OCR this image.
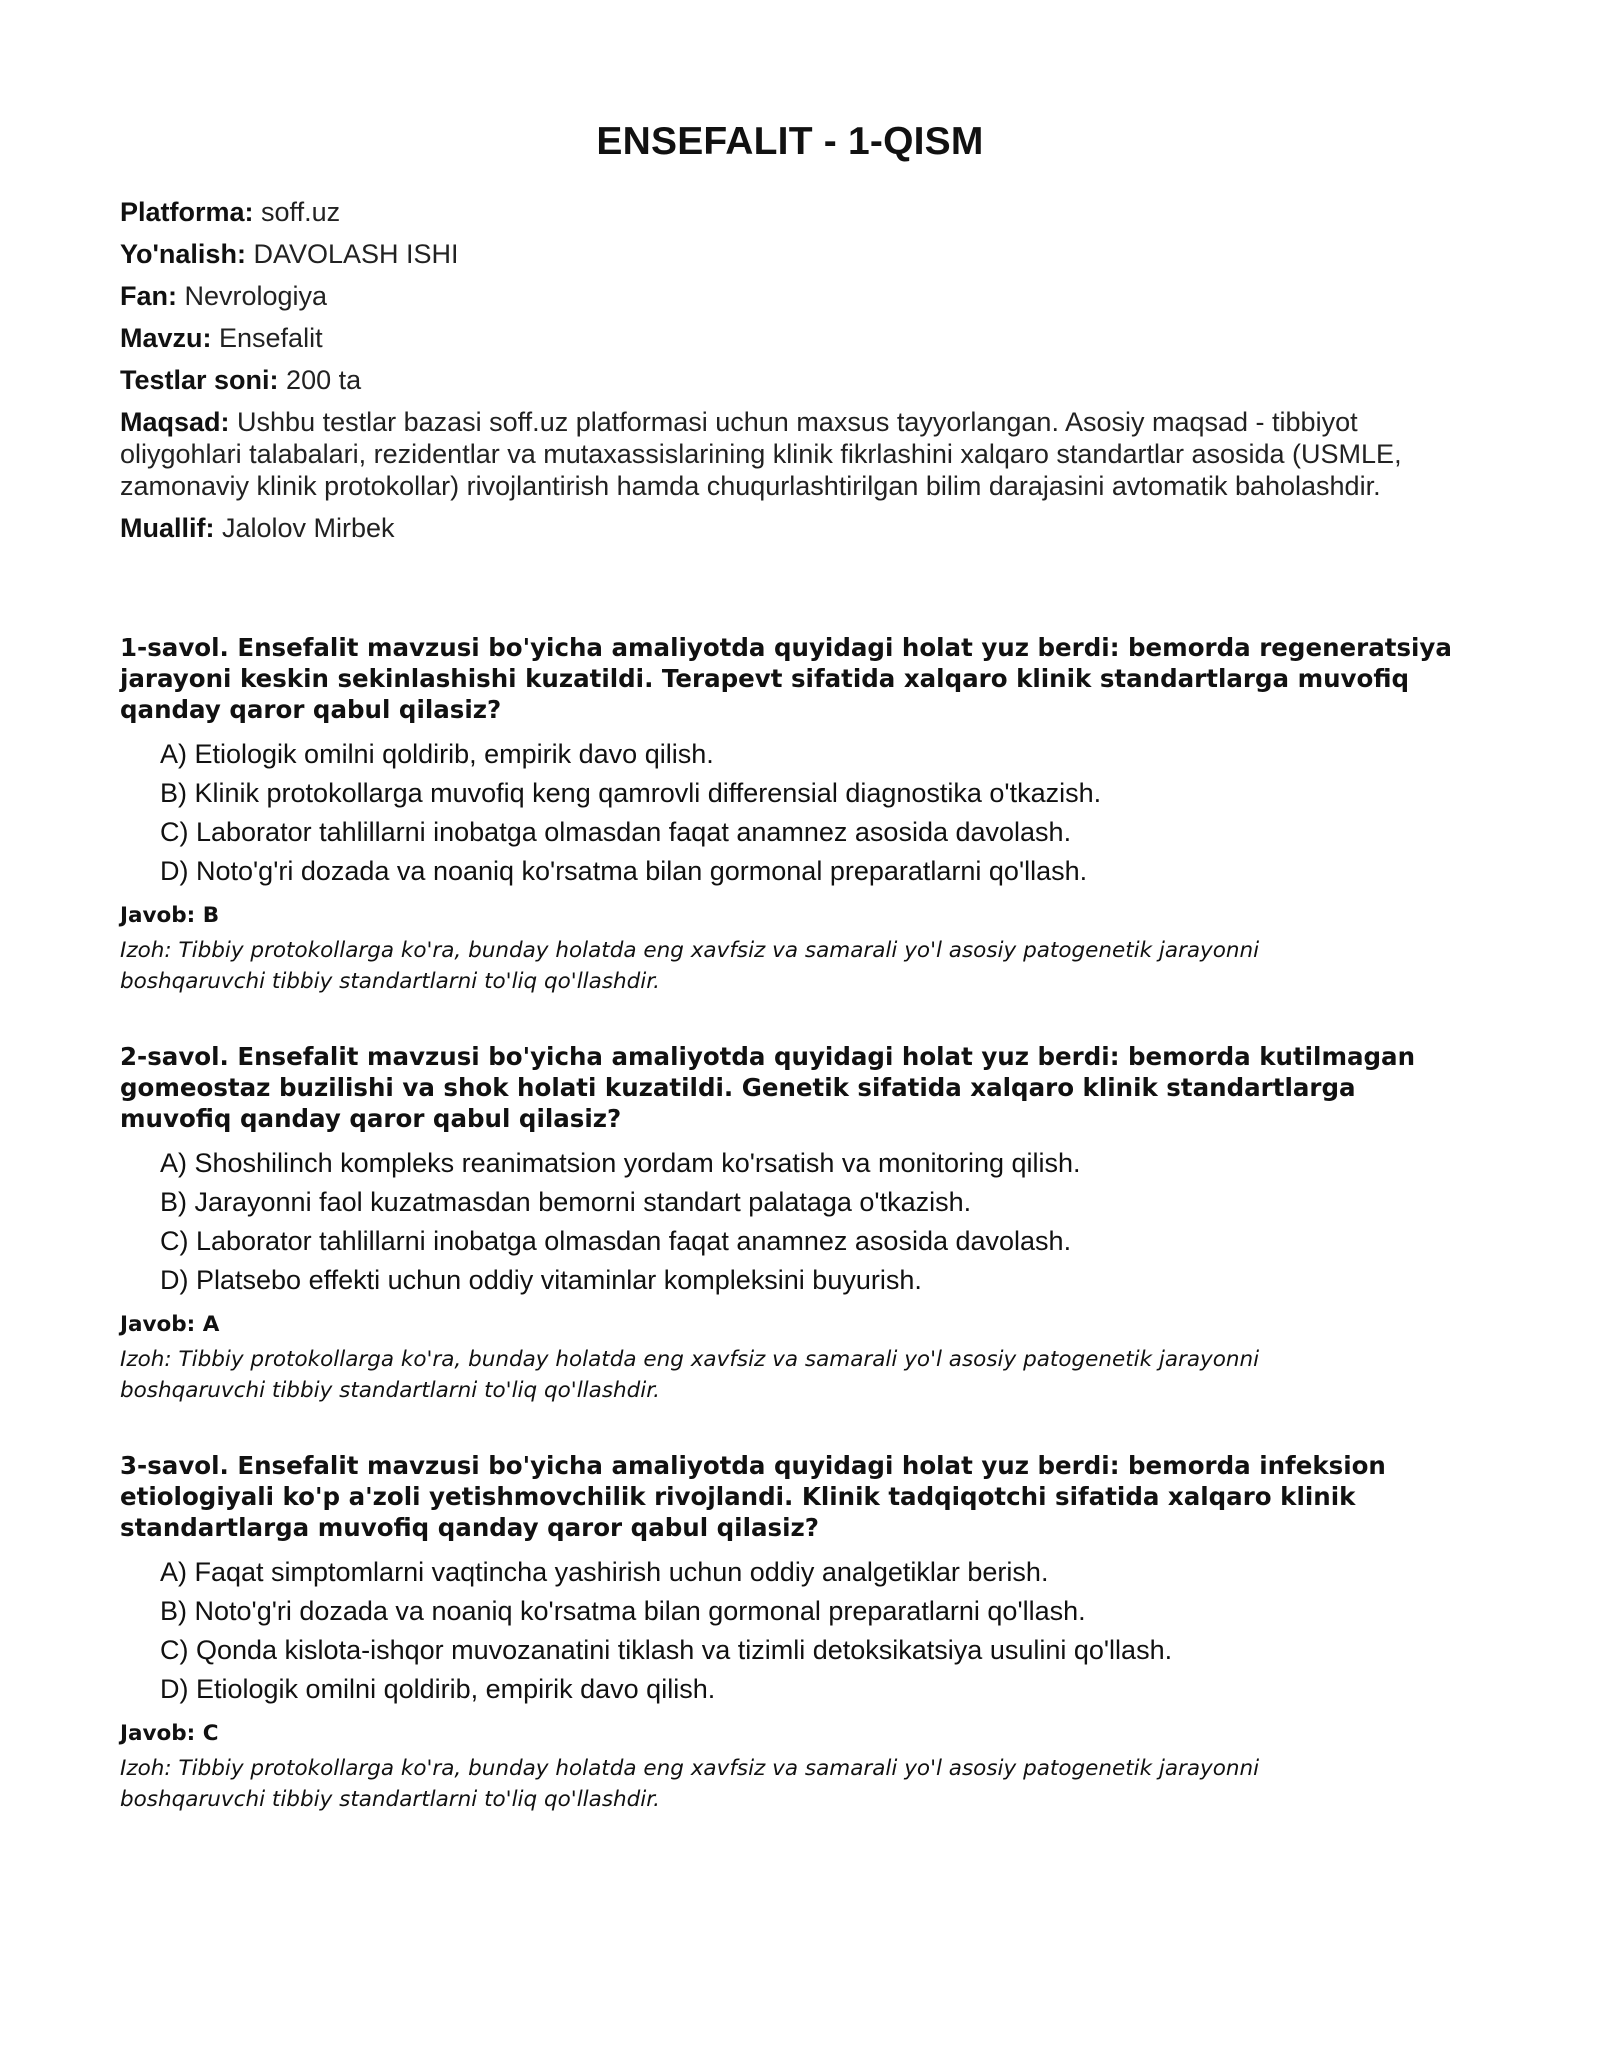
ENSEFALIT - 1-QISM
Platforma: soff.uz
Yo'nalish: DAVOLASH ISHI
Fan: Nevrologiya
Mavzu: Ensefalit
Testlar soni: 200 ta
Maqsad: Ushbu testlar bazasi soff.uz platformasi uchun maxsus tayyorlangan. Asosiy maqsad - tibbiyot oliygohlari talabalari, rezidentlar va mutaxassislarining klinik fikrlashini xalqaro standartlar asosida (USMLE, zamonaviy klinik protokollar) rivojlantirish hamda chuqurlashtirilgan bilim darajasini avtomatik baholashdir.
Muallif: Jalolov Mirbek
1-savol. Ensefalit mavzusi bo'yicha amaliyotda quyidagi holat yuz berdi: bemorda regeneratsiya jarayoni keskin sekinlashishi kuzatildi. Terapevt sifatida xalqaro klinik standartlarga muvofiq qanday qaror qabul qilasiz?
A) Etiologik omilni qoldirib, empirik davo qilish.
B) Klinik protokollarga muvofiq keng qamrovli differensial diagnostika o'tkazish.
C) Laborator tahlillarni inobatga olmasdan faqat anamnez asosida davolash.
D) Noto'g'ri dozada va noaniq ko'rsatma bilan gormonal preparatlarni qo'llash.
Javob: B
Izoh: Tibbiy protokollarga ko'ra, bunday holatda eng xavfsiz va samarali yo'l asosiy patogenetik jarayonni boshqaruvchi tibbiy standartlarni to'liq qo'llashdir.
2-savol. Ensefalit mavzusi bo'yicha amaliyotda quyidagi holat yuz berdi: bemorda kutilmagan gomeostaz buzilishi va shok holati kuzatildi. Genetik sifatida xalqaro klinik standartlarga muvofiq qanday qaror qabul qilasiz?
A) Shoshilinch kompleks reanimatsion yordam ko'rsatish va monitoring qilish.
B) Jarayonni faol kuzatmasdan bemorni standart palataga o'tkazish.
C) Laborator tahlillarni inobatga olmasdan faqat anamnez asosida davolash.
D) Platsebo effekti uchun oddiy vitaminlar kompleksini buyurish.
Javob: A
Izoh: Tibbiy protokollarga ko'ra, bunday holatda eng xavfsiz va samarali yo'l asosiy patogenetik jarayonni boshqaruvchi tibbiy standartlarni to'liq qo'llashdir.
3-savol. Ensefalit mavzusi bo'yicha amaliyotda quyidagi holat yuz berdi: bemorda infeksion etiologiyali ko'p a'zoli yetishmovchilik rivojlandi. Klinik tadqiqotchi sifatida xalqaro klinik standartlarga muvofiq qanday qaror qabul qilasiz?
A) Faqat simptomlarni vaqtincha yashirish uchun oddiy analgetiklar berish.
B) Noto'g'ri dozada va noaniq ko'rsatma bilan gormonal preparatlarni qo'llash.
C) Qonda kislota-ishqor muvozanatini tiklash va tizimli detoksikatsiya usulini qo'llash.
D) Etiologik omilni qoldirib, empirik davo qilish.
Javob: C
Izoh: Tibbiy protokollarga ko'ra, bunday holatda eng xavfsiz va samarali yo'l asosiy patogenetik jarayonni boshqaruvchi tibbiy standartlarni to'liq qo'llashdir.
